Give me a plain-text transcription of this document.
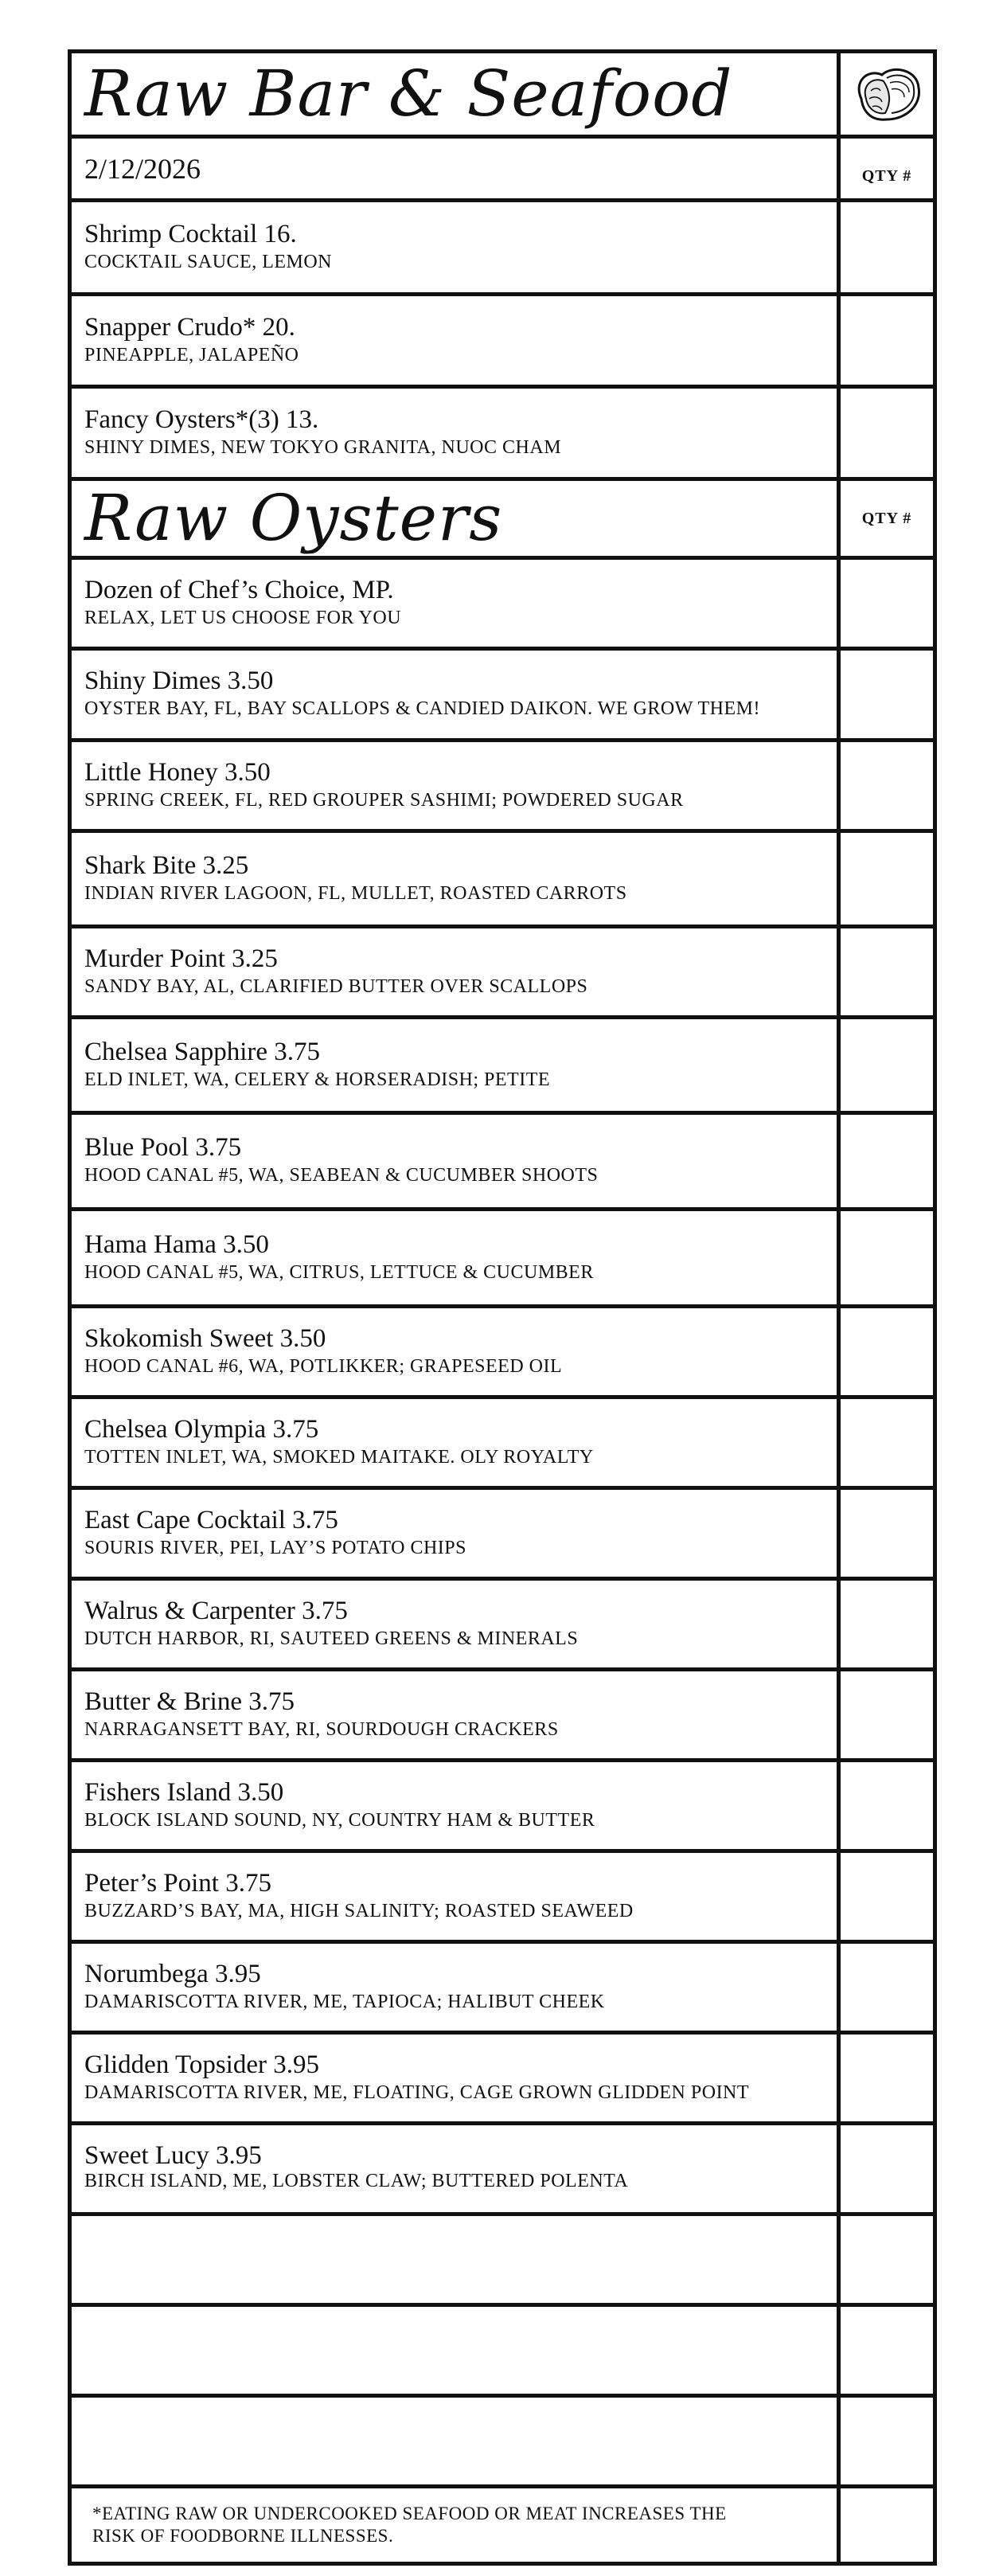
Raw Bar & Seafood
2/12/2026	QTY #
Shrimp Cocktail 16.
COCKTAIL SAUCE, LEMON
Snapper Crudo* 20.
PINEAPPLE, JALAPEÑO
Fancy Oysters*(3) 13.
SHINY DIMES, NEW TOKYO GRANITA, NUOC CHAM
Raw Oysters	QTY #
Dozen of Chef’s Choice, MP.
RELAX, LET US CHOOSE FOR YOU
Shiny Dimes 3.50
OYSTER BAY, FL, BAY SCALLOPS & CANDIED DAIKON. WE GROW THEM!
Little Honey 3.50
SPRING CREEK, FL, RED GROUPER SASHIMI; POWDERED SUGAR
Shark Bite 3.25
INDIAN RIVER LAGOON, FL, MULLET, ROASTED CARROTS
Murder Point 3.25
SANDY BAY, AL, CLARIFIED BUTTER OVER SCALLOPS
Chelsea Sapphire 3.75
ELD INLET, WA, CELERY & HORSERADISH; PETITE
Blue Pool 3.75
HOOD CANAL #5, WA, SEABEAN & CUCUMBER SHOOTS
Hama Hama 3.50
HOOD CANAL #5, WA, CITRUS, LETTUCE & CUCUMBER
Skokomish Sweet 3.50
HOOD CANAL #6, WA, POTLIKKER; GRAPESEED OIL
Chelsea Olympia 3.75
TOTTEN INLET, WA, SMOKED MAITAKE. OLY ROYALTY
East Cape Cocktail 3.75
SOURIS RIVER, PEI, LAY’S POTATO CHIPS
Walrus & Carpenter 3.75
DUTCH HARBOR, RI, SAUTEED GREENS & MINERALS
Butter & Brine 3.75
NARRAGANSETT BAY, RI, SOURDOUGH CRACKERS
Fishers Island 3.50
BLOCK ISLAND SOUND, NY, COUNTRY HAM & BUTTER
Peter’s Point 3.75
BUZZARD’S BAY, MA, HIGH SALINITY; ROASTED SEAWEED
Norumbega 3.95
DAMARISCOTTA RIVER, ME, TAPIOCA; HALIBUT CHEEK
Glidden Topsider 3.95
DAMARISCOTTA RIVER, ME, FLOATING, CAGE GROWN GLIDDEN POINT
Sweet Lucy 3.95
BIRCH ISLAND, ME, LOBSTER CLAW; BUTTERED POLENTA
*EATING RAW OR UNDERCOOKED SEAFOOD OR MEAT INCREASES THE
RISK OF FOODBORNE ILLNESSES.
